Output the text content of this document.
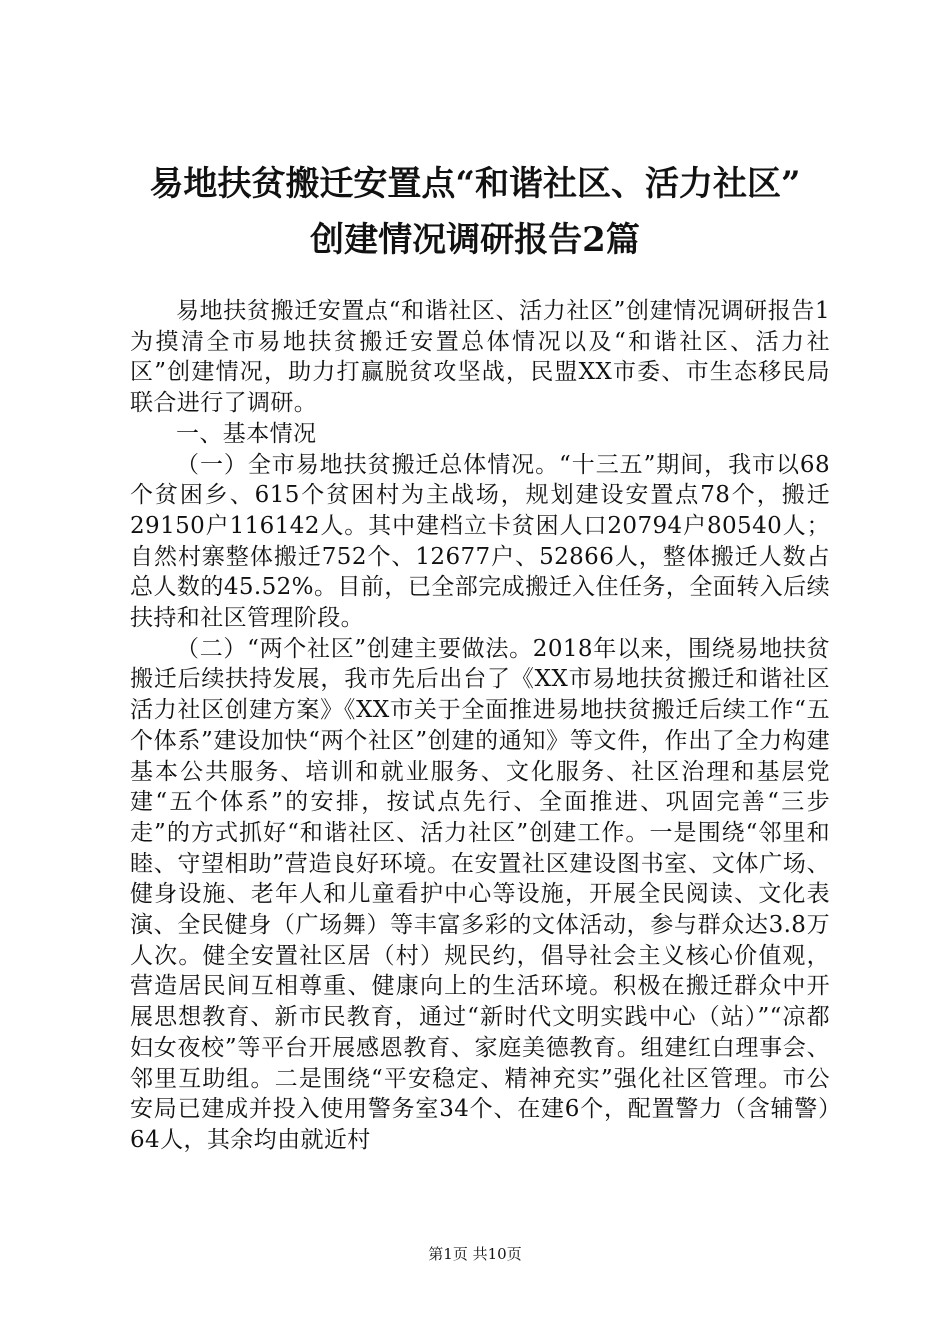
易地扶贫搬迁安置点“和谐社区、活力社区”
创建情况调研报告2篇

易地扶贫搬迁安置点“和谐社区、活力社区”创建情况调研报告1为摸清全市易地扶贫搬迁安置总体情况以及“和谐社区、活力社区”创建情况，助力打赢脱贫攻坚战，民盟XX市委、市生态移民局联合进行了调研。

一、基本情况

（一）全市易地扶贫搬迁总体情况。“十三五”期间，我市以68个贫困乡、615个贫困村为主战场，规划建设安置点78个，搬迁29150户116142人。其中建档立卡贫困人口20794户80540人；自然村寨整体搬迁752个、12677户、52866人，整体搬迁人数占总人数的45.52%。目前，已全部完成搬迁入住任务，全面转入后续扶持和社区管理阶段。

（二）“两个社区”创建主要做法。2018年以来，围绕易地扶贫搬迁后续扶持发展，我市先后出台了《XX市易地扶贫搬迁和谐社区活力社区创建方案》《XX市关于全面推进易地扶贫搬迁后续工作“五个体系”建设加快“两个社区”创建的通知》等文件，作出了全力构建基本公共服务、培训和就业服务、文化服务、社区治理和基层党建“五个体系”的安排，按试点先行、全面推进、巩固完善“三步走”的方式抓好“和谐社区、活力社区”创建工作。一是围绕“邻里和睦、守望相助”营造良好环境。在安置社区建设图书室、文体广场、健身设施、老年人和儿童看护中心等设施，开展全民阅读、文化表演、全民健身（广场舞）等丰富多彩的文体活动，参与群众达3.8万人次。健全安置社区居（村）规民约，倡导社会主义核心价值观，营造居民间互相尊重、健康向上的生活环境。积极在搬迁群众中开展思想教育、新市民教育，通过“新时代文明实践中心（站）”“凉都妇女夜校”等平台开展感恩教育、家庭美德教育。组建红白理事会、邻里互助组。二是围绕“平安稳定、精神充实”强化社区管理。市公安局已建成并投入使用警务室34个、在建6个，配置警力（含辅警）64人，其余均由就近村

第1页 共10页
